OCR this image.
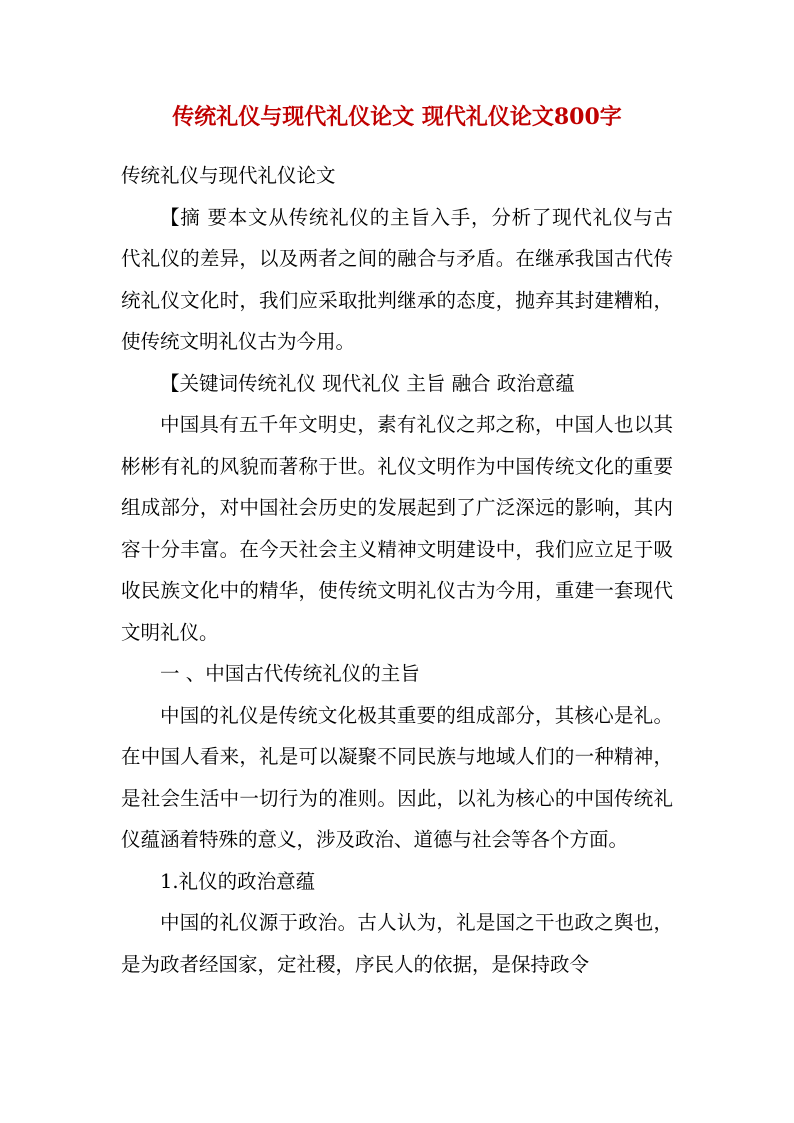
传统礼仪与现代礼仪论文 现代礼仪论文800字

传统礼仪与现代礼仪论文

【摘 要本文从传统礼仪的主旨入手，分析了现代礼仪与古代礼仪的差异，以及两者之间的融合与矛盾。在继承我国古代传统礼仪文化时，我们应采取批判继承的态度，抛弃其封建糟粕，使传统文明礼仪古为今用。

【关键词传统礼仪 现代礼仪 主旨 融合 政治意蕴

中国具有五千年文明史，素有礼仪之邦之称，中国人也以其彬彬有礼的风貌而著称于世。礼仪文明作为中国传统文化的重要组成部分，对中国社会历史的发展起到了广泛深远的影响，其内容十分丰富。在今天社会主义精神文明建设中，我们应立足于吸收民族文化中的精华，使传统文明礼仪古为今用，重建一套现代文明礼仪。

一 、中国古代传统礼仪的主旨

中国的礼仪是传统文化极其重要的组成部分，其核心是礼。在中国人看来，礼是可以凝聚不同民族与地域人们的一种精神，是社会生活中一切行为的准则。因此，以礼为核心的中国传统礼仪蕴涵着特殊的意义，涉及政治、道德与社会等各个方面。

1.礼仪的政治意蕴

中国的礼仪源于政治。古人认为，礼是国之干也政之舆也，是为政者经国家，定社稷，序民人的依据，是保持政令
